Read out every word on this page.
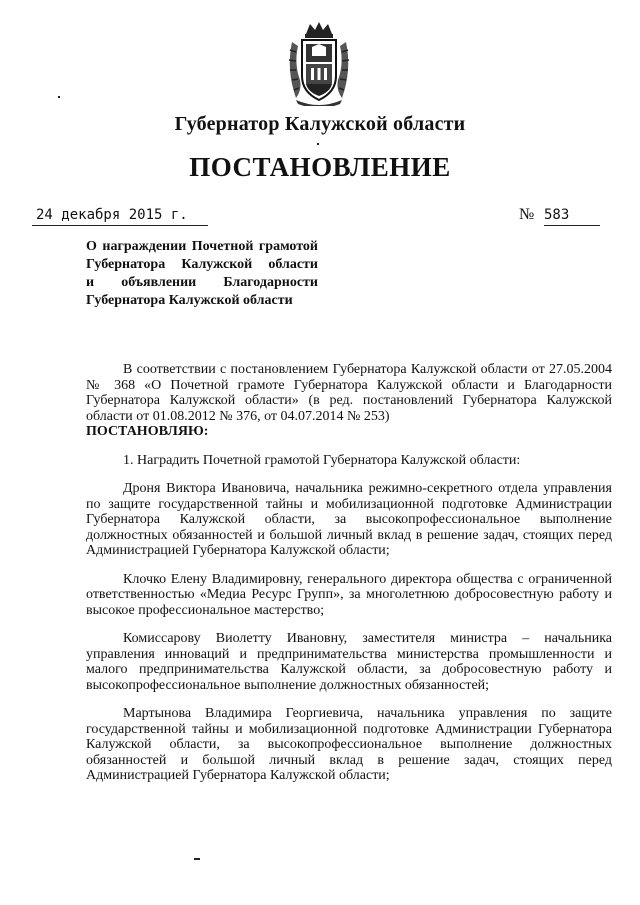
Губернатор Калужской области
ПОСТАНОВЛЕНИЕ
24 декабря 2015 г.	№ 583
О награждении Почетной грамотой
Губернатора Калужской области
и объявлении Благодарности
Губернатора Калужской области

В соответствии с постановлением Губернатора Калужской области от 27.05.2004 № 368 «О Почетной грамоте Губернатора Калужской области и Благодарности Губернатора Калужской области» (в ред. постановлений Губернатора Калужской области от 01.08.2012 № 376, от 04.07.2014 № 253)
ПОСТАНОВЛЯЮ:

1. Наградить Почетной грамотой Губернатора Калужской области:

Дроня Виктора Ивановича, начальника режимно-секретного отдела управления по защите государственной тайны и мобилизационной подготовке Администрации Губернатора Калужской области, за высокопрофессиональное выполнение должностных обязанностей и большой личный вклад в решение задач, стоящих перед Администрацией Губернатора Калужской области;

Клочко Елену Владимировну, генерального директора общества с ограниченной ответственностью «Медиа Ресурс Групп», за многолетнюю добросовестную работу и высокое профессиональное мастерство;

Комиссарову Виолетту Ивановну, заместителя министра – начальника управления инноваций и предпринимательства министерства промышленности и малого предпринимательства Калужской области, за добросовестную работу и высокопрофессиональное выполнение должностных обязанностей;

Мартынова Владимира Георгиевича, начальника управления по защите государственной тайны и мобилизационной подготовке Администрации Губернатора Калужской области, за высокопрофессиональное выполнение должностных обязанностей и большой личный вклад в решение задач, стоящих перед Администрацией Губернатора Калужской области;
